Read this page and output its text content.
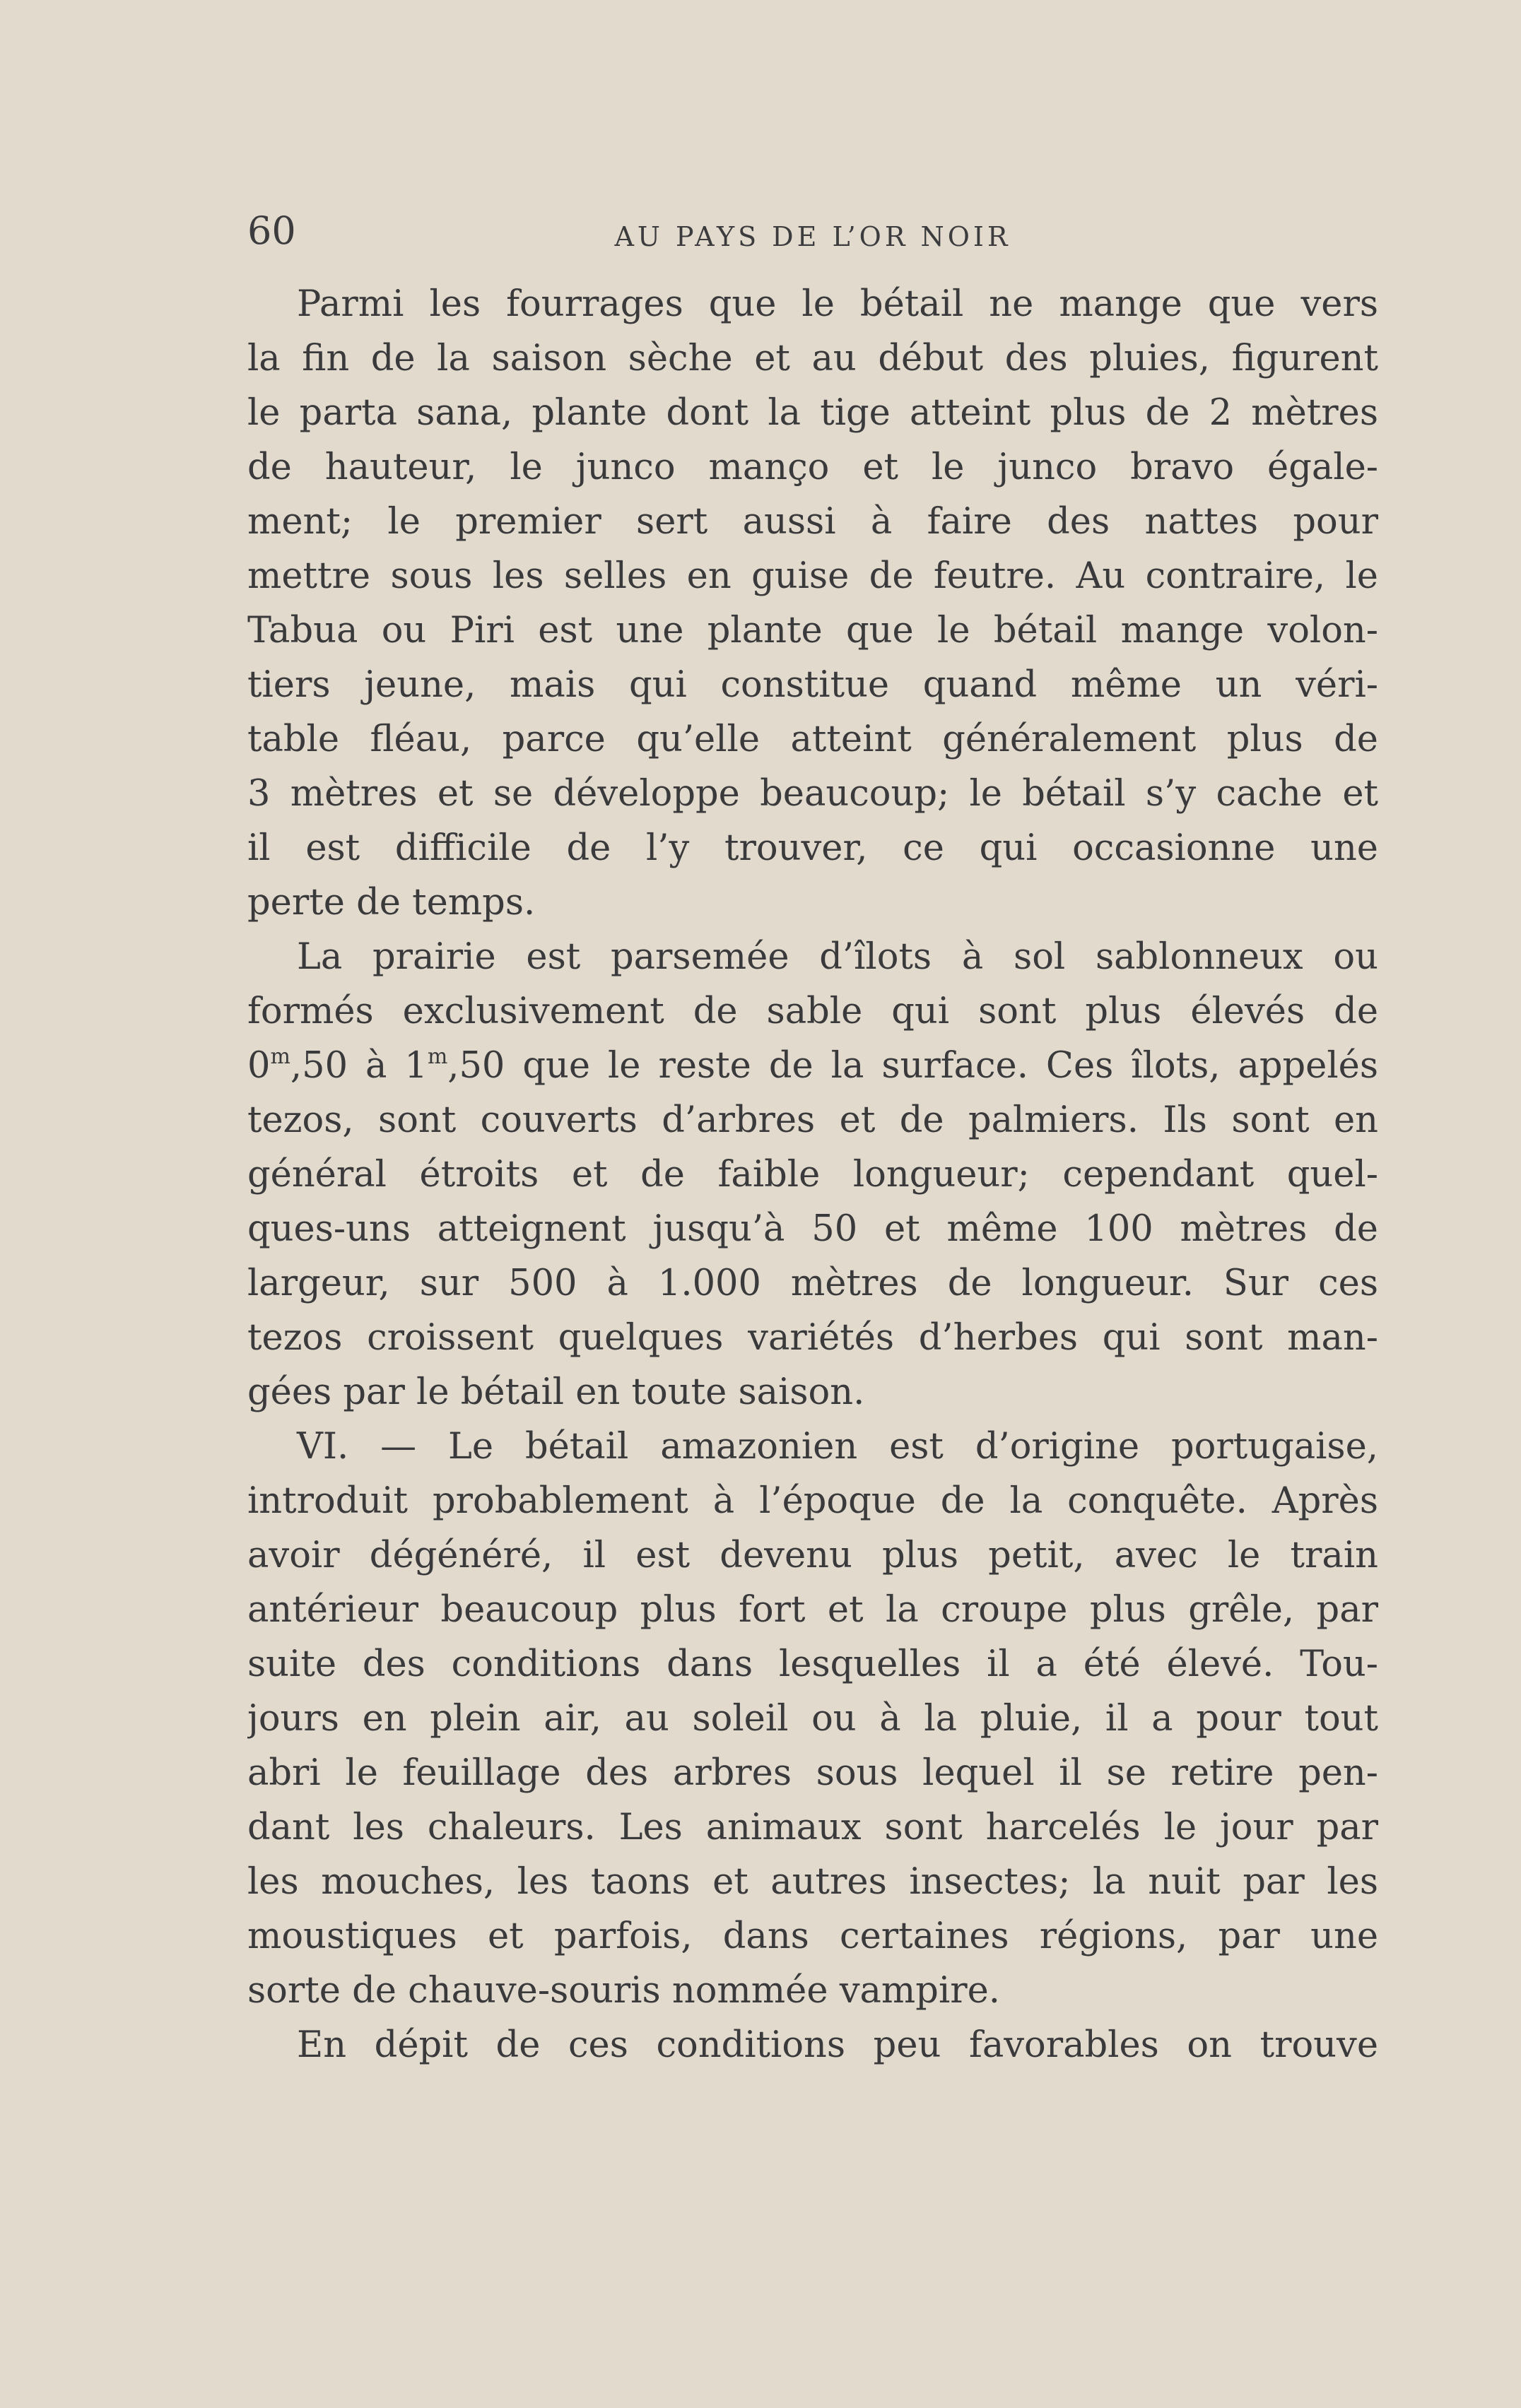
60	AU PAYS DE L’OR NOIR
Parmi les fourrages que le bétail ne mange que vers
la fin de la saison sèche et au début des pluies, figurent
le parta sana, plante dont la tige atteint plus de 2 mètres
de hauteur, le junco manço et le junco bravo égale-
ment; le premier sert aussi à faire des nattes pour
mettre sous les selles en guise de feutre. Au contraire, le
Tabua ou Piri est une plante que le bétail mange volon-
tiers jeune, mais qui constitue quand même un véri-
table fléau, parce qu’elle atteint généralement plus de
3 mètres et se développe beaucoup; le bétail s’y cache et
il est difficile de l’y trouver, ce qui occasionne une
perte de temps.
La prairie est parsemée d’îlots à sol sablonneux ou
formés exclusivement de sable qui sont plus élevés de
0$^m$,50 à 1$^m$,50 que le reste de la surface. Ces îlots, appelés
tezos, sont couverts d’arbres et de palmiers. Ils sont en
général étroits et de faible longueur; cependant quel-
ques-uns atteignent jusqu’à 50 et même 100 mètres de
largeur, sur 500 à 1.000 mètres de longueur. Sur ces
tezos croissent quelques variétés d’herbes qui sont man-
gées par le bétail en toute saison.
VI. — Le bétail amazonien est d’origine portugaise,
introduit probablement à l’époque de la conquête. Après
avoir dégénéré, il est devenu plus petit, avec le train
antérieur beaucoup plus fort et la croupe plus grêle, par
suite des conditions dans lesquelles il a été élevé. Tou-
jours en plein air, au soleil ou à la pluie, il a pour tout
abri le feuillage des arbres sous lequel il se retire pen-
dant les chaleurs. Les animaux sont harcelés le jour par
les mouches, les taons et autres insectes; la nuit par les
moustiques et parfois, dans certaines régions, par une
sorte de chauve-souris nommée vampire.
En dépit de ces conditions peu favorables on trouve
